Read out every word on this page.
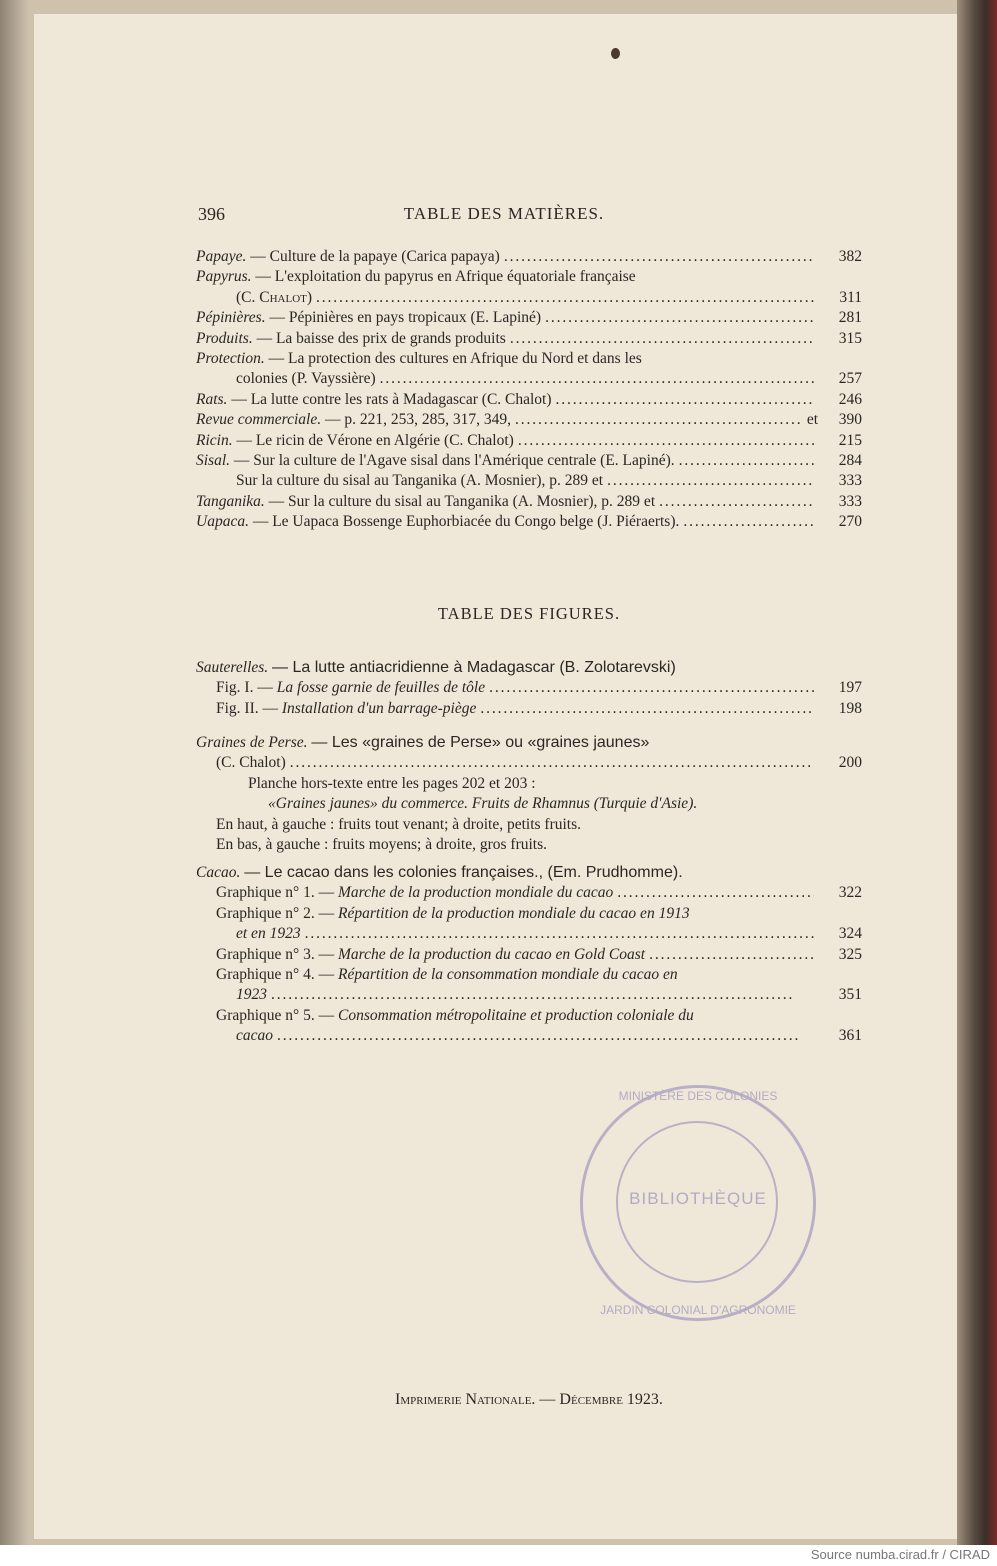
396	TABLE DES MATIÈRES.
Papaye. — Culture de la papaye (Carica papaya) . . .	382
Papyrus. — L'exploitation du papyrus en Afrique équatoriale française
(C. Chalot) . . .	311
Pépinières. — Pépinières en pays tropicaux (E. Lapiné) . . .	281
Produits. — La baisse des prix de grands produits . . .	315
Protection. — La protection des cultures en Afrique du Nord et dans les
colonies (P. Vayssière) . . .	257
Rats. — La lutte contre les rats à Madagascar (C. Chalot) . . .	246
Revue commerciale. — p. 221, 253, 285, 317, 349, . . .	et	390
Ricin. — Le ricin de Vérone en Algérie (C. Chalot) . . .	215
Sisal. — Sur la culture de l'Agave sisal dans l'Amérique centrale (E. Lapiné). . . .	284
Sur la culture du sisal au Tanganika (A. Mosnier), p. 289 et . . .	333
Tanganika. — Sur la culture du sisal au Tanganika (A. Mosnier), p. 289 et . . .	333
Uapaca. — Le Uapaca Bossenge Euphorbiacée du Congo belge (J. Piéraerts). . . .	270
TABLE DES FIGURES.
Sauterelles. — La lutte antiacridienne à Madagascar (B. Zolotarevski)
Fig. I. — La fosse garnie de feuilles de tôle . . .	197
Fig. II. — Installation d'un barrage-piège . . .	198
Graines de Perse. — Les «graines de Perse» ou «graines jaunes»
(C. Chalot) . . .	200
Planche hors-texte entre les pages 202 et 203 :
«Graines jaunes» du commerce. Fruits de Rhamnus (Turquie d'Asie).
En haut, à gauche : fruits tout venant; à droite, petits fruits.
En bas, à gauche : fruits moyens; à droite, gros fruits.
Cacao. — Le cacao dans les colonies françaises., (Em. Prudhomme).
Graphique n° 1. — Marche de la production mondiale du cacao . . .	322
Graphique n° 2. — Répartition de la production mondiale du cacao en 1913
et en 1923 . . .	324
Graphique n° 3. — Marche de la production du cacao en Gold Coast . . .	325
Graphique n° 4. — Répartition de la consommation mondiale du cacao en
1923 . . .	351
Graphique n° 5. — Consommation métropolitaine et production coloniale du
cacao . . .	361
MINISTÈRE DES COLONIES
BIBLIOTHÈQUE
JARDIN COLONIAL D'AGRONOMIE
Imprimerie Nationale. — Décembre 1923.
Source numba.cirad.fr / CIRAD
